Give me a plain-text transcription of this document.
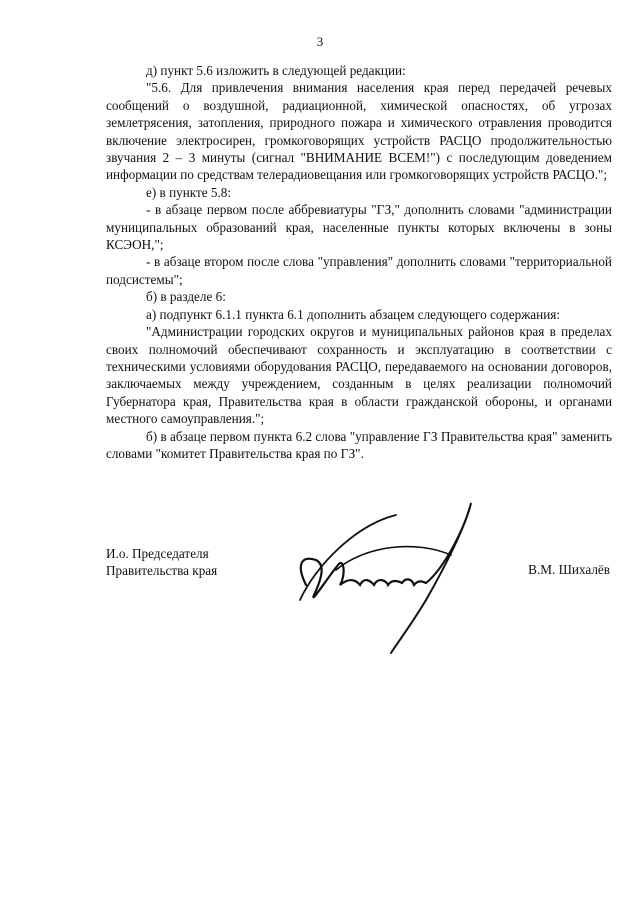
3

д) пункт 5.6 изложить в следующей редакции:

"5.6. Для привлечения внимания населения края перед передачей речевых сообщений о воздушной, радиационной, химической опасностях, об угрозах землетрясения, затопления, природного пожара и химического отравления проводится включение электросирен, громкоговорящих устройств РАСЦО продолжительностью звучания 2 – 3 минуты (сигнал "ВНИМАНИЕ ВСЕМ!") с последующим доведением информации по средствам телерадиовещания или громкоговорящих устройств РАСЦО.";

е) в пункте 5.8:

- в абзаце первом после аббревиатуры "ГЗ," дополнить словами "администрации муниципальных образований края, населенные пункты которых включены в зоны КСЭОН,";

- в абзаце втором после слова "управления" дополнить словами "территориальной подсистемы";

б) в разделе 6:

а) подпункт 6.1.1 пункта 6.1 дополнить абзацем следующего содержания:

"Администрации городских округов и муниципальных районов края в пределах своих полномочий обеспечивают сохранность и эксплуатацию в соответствии с техническими условиями оборудования РАСЦО, передаваемого на основании договоров, заключаемых между учреждением, созданным в целях реализации полномочий Губернатора края, Правительства края в области гражданской обороны, и органами местного самоуправления.";

б) в абзаце первом пункта 6.2 слова "управление ГЗ Правительства края" заменить словами "комитет Правительства края по ГЗ".

И.о. Председателя
Правительства края	В.М. Шихалёв
